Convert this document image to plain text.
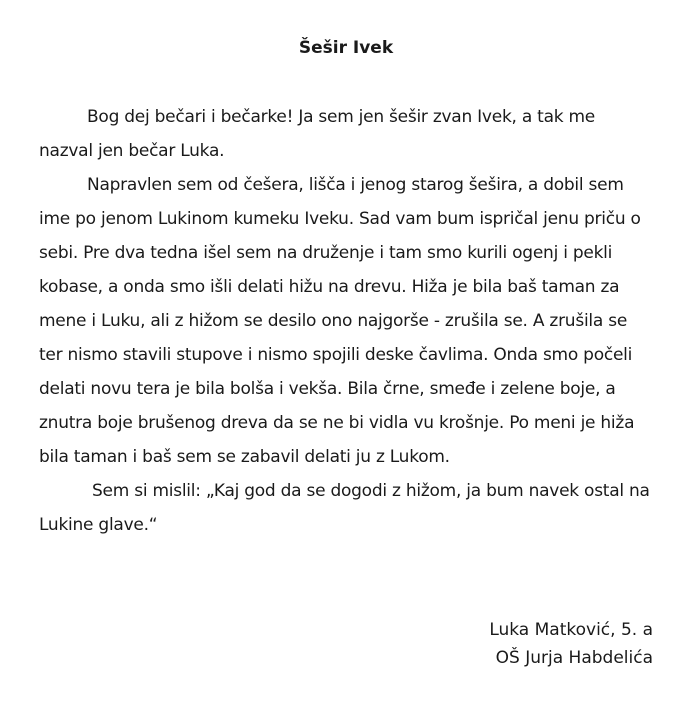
Šešir Ivek

Bog dej bečari i bečarke! Ja sem jen šešir zvan Ivek, a tak me nazval jen bečar Luka.

Napravlen sem od češera, lišča i jenog starog šešira, a dobil sem ime po jenom Lukinom kumeku Iveku. Sad vam bum ispričal jenu priču o sebi. Pre dva tedna išel sem na druženje i tam smo kurili ogenj i pekli kobase, a onda smo išli delati hižu na drevu. Hiža je bila baš taman za mene i Luku, ali z hižom se desilo ono najgorše - zrušila se. A zrušila se ter nismo stavili stupove i nismo spojili deske čavlima. Onda smo počeli delati novu tera je bila bolša i vekša. Bila črne, smeđe i zelene boje, a znutra boje brušenog dreva da se ne bi vidla vu krošnje. Po meni je hiža bila taman i baš sem se zabavil delati ju z Lukom.

Sem si mislil: „Kaj god da se dogodi z hižom, ja bum navek ostal na Lukine glave.“

Luka Matković, 5. a
OŠ Jurja Habdelića
